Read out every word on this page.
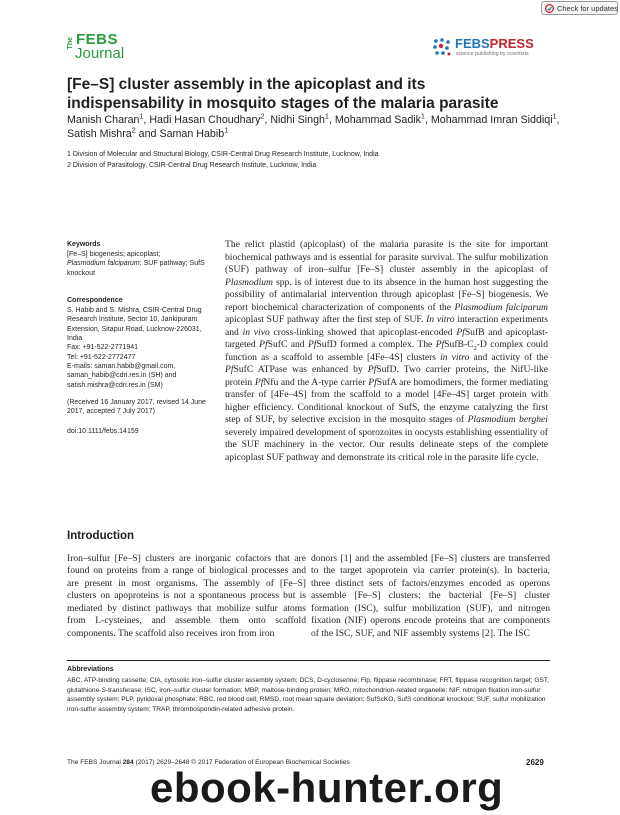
Check for updates
The FEBS
Journal
FEBSPRESS
science publishing by scientists
[Fe–S] cluster assembly in the apicoplast and its
indispensability in mosquito stages of the malaria parasite

Manish Charan$^1$, Hadi Hasan Choudhary$^2$, Nidhi Singh$^1$, Mohammad Sadik$^1$, Mohammad Imran Siddiqi$^1$, Satish Mishra$^2$ and Saman Habib$^1$

1 Division of Molecular and Structural Biology, CSIR-Central Drug Research Institute, Lucknow, India
2 Division of Parasitology, CSIR-Central Drug Research Institute, Lucknow, India
Keywords
[Fe–S] biogenesis; apicoplast;
Plasmodium falciparum; SUF pathway; SufS
knockout
Correspondence
S. Habib and S. Mishra, CSIR-Central Drug
Research Institute, Sector 10, Jankipuram
Extension, Sitapur Road, Lucknow-226031,
India
Fax: +91-522-2771941
Tel: +91-522-2772477
E-mails: saman.habib@gmail.com,
saman_habib@cdri.res.in (SH) and
satish.mishra@cdri.res.in (SM)
(Received 16 January 2017, revised 14 June
2017, accepted 7 July 2017)
doi:10.1111/febs.14159

The relict plastid (apicoplast) of the malaria parasite is the site for important biochemical pathways and is essential for parasite survival. The sulfur mobilization (SUF) pathway of iron–sulfur [Fe–S] cluster assembly in the apicoplast of Plasmodium spp. is of interest due to its absence in the human host suggesting the possibility of antimalarial intervention through apicoplast [Fe–S] biogenesis. We report biochemical characterization of components of the Plasmodium falciparum apicoplast SUF pathway after the first step of SUF. In vitro interaction experiments and in vivo cross-linking showed that apicoplast-encoded PfSufB and apicoplast-targeted PfSufC and PfSufD formed a complex. The PfSufB-$C_2-D$ complex could function as a scaffold to assemble [4Fe–4S] clusters in vitro and activity of the PfSufC ATPase was enhanced by PfSufD. Two carrier proteins, the NifU-like protein PfNfu and the A-type carrier PfSufA are homodimers, the former mediating transfer of [4Fe–4S] from the scaffold to a model [4Fe–4S] target protein with higher efficiency. Conditional knockout of SufS, the enzyme catalyzing the first step of SUF, by selective excision in the mosquito stages of Plasmodium berghei severely impaired development of sporozoites in oocysts establishing essentiality of the SUF machinery in the vector. Our results delineate steps of the complete apicoplast SUF pathway and demonstrate its critical role in the parasite life cycle.

Introduction

Iron–sulfur [Fe–S] clusters are inorganic cofactors that are found on proteins from a range of biological processes and are present in most organisms. The assembly of [Fe–S] clusters on apoproteins is not a spontaneous process but is mediated by distinct pathways that mobilize sulfur atoms from L-cysteines, and assemble them onto scaffold components. The scaffold also receives iron from iron

donors [1] and the assembled [Fe–S] clusters are transferred to the target apoprotein via carrier protein(s). In bacteria, three distinct sets of factors/enzymes encoded as operons assemble [Fe–S] clusters; the bacterial [Fe–S] cluster formation (ISC), sulfur mobilization (SUF), and nitrogen fixation (NIF) operons encode proteins that are components of the ISC, SUF, and NIF assembly systems [2]. The ISC

Abbreviations

ABC, ATP-binding cassette; CIA, cytosolic iron–sulfur cluster assembly system; DCS, D-cycloserine; Flp, flippase recombinase; FRT, flippase recognition target; GST, glutathione-S-transferase; ISC, iron–sulfur cluster formation; MBP, maltose-binding protein; MRO, mitochondrion-related organelle; NIF, nitrogen fixation iron-sulfur assembly system; PLP, pyridoxal phosphate; RBC, red blood cell; RMSD, root mean square deviation; SufScKO, SufS conditional knockout; SUF, sulfur mobilization iron-sulfur assembly system; TRAP, thrombospondin-related adhesive protein.

The FEBS Journal 284 (2017) 2629–2648 © 2017 Federation of European Biochemical Societies	2629
ebook-hunter.org
